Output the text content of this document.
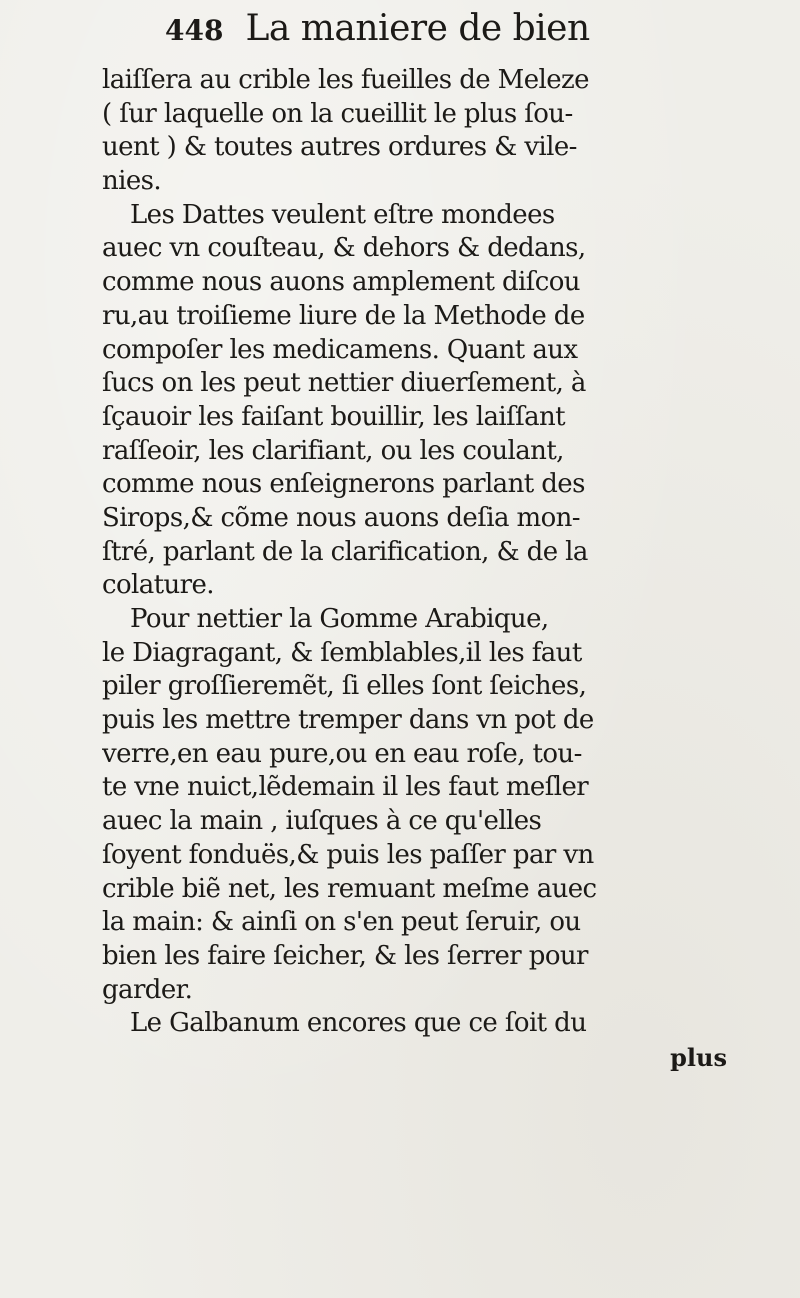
448 La maniere de bien
laiſſera au crible les fueilles de Meleze
( ſur laquelle on la cueillit le plus ſou-
uent ) & toutes autres ordures & vile-
nies.
Les Dattes veulent eſtre mondees
auec vn couſteau, & dehors & dedans,
comme nous auons amplement diſcou
ru,au troiſieme liure de la Methode de
compoſer les medicamens. Quant aux
ſucs on les peut nettier diuerſement, à
ſçauoir les faiſant bouillir, les laiſſant
raſſeoir, les clarifiant, ou les coulant,
comme nous enſeignerons parlant des
Sirops,& cõme nous auons deſia mon-
ſtré, parlant de la clarification, & de la
colature.
Pour nettier la Gomme Arabique,
le Diagragant, & ſemblables,il les faut
piler groſſieremẽt, ſi elles ſont ſeiches,
puis les mettre tremper dans vn pot de
verre,en eau pure,ou en eau roſe, tou-
te vne nuict,lẽdemain il les faut meſler
auec la main , iuſques à ce qu'elles
ſoyent fonduës,& puis les paſſer par vn
crible biẽ net, les remuant meſme auec
la main: & ainſi on s'en peut ſeruir, ou
bien les faire ſeicher, & les ſerrer pour
garder.
Le Galbanum encores que ce ſoit du
plus
